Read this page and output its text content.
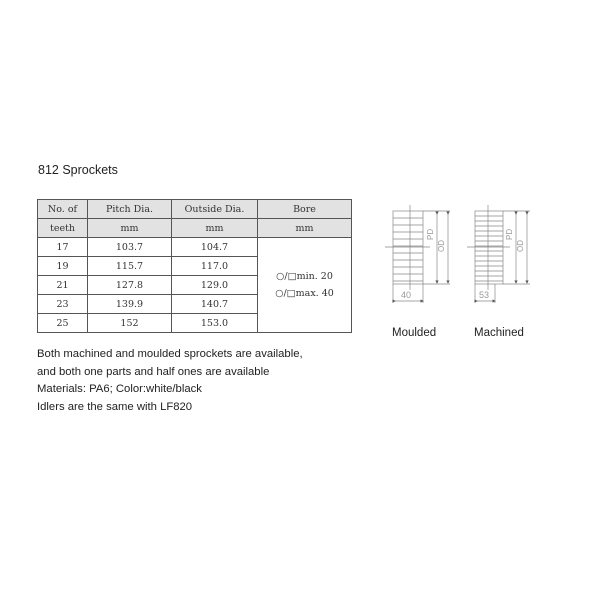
812 Sprockets
No. of	Pitch Dia.	Outside Dia.	Bore
teeth	mm	mm	mm
17	103.7	104.7	○/□min. 20
○/□max. 40

19	115.7	117.0	
21	127.8	129.0	
23	139.9	140.7	
25	152	153.0	
Both machined and moulded sprockets are available,
and both one parts and half ones are available
Materials: PA6; Color:white/black
Idlers are the same with LF820
40
PD
OD
53
PD
OD
Moulded	Machined
